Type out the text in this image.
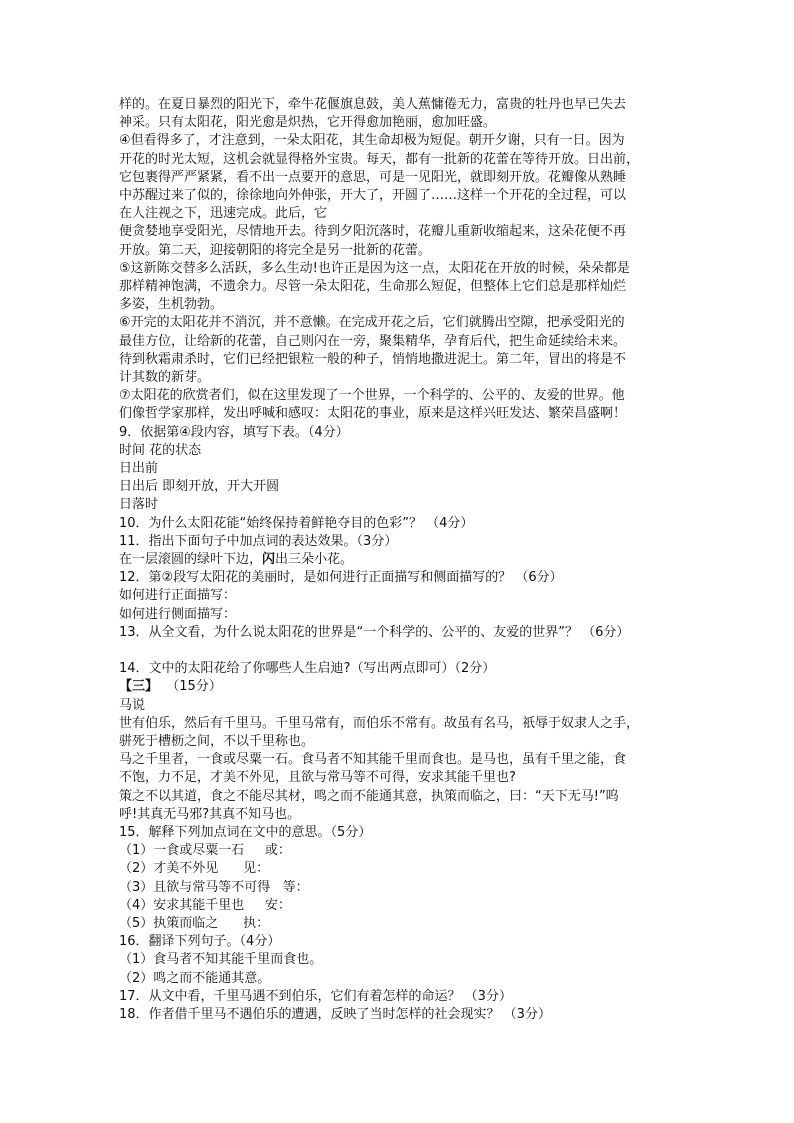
样的。在夏日暴烈的阳光下，牵牛花偃旗息鼓，美人蕉慵倦无力，富贵的牡丹也早已失去
神采。只有太阳花，阳光愈是炽热，它开得愈加艳丽，愈加旺盛。
④但看得多了，才注意到，一朵太阳花，其生命却极为短促。朝开夕谢，只有一日。因为
开花的时光太短，这机会就显得格外宝贵。每天，都有一批新的花蕾在等待开放。日出前，
它包裹得严严紧紧，看不出一点要开的意思，可是一见阳光，就即刻开放。花瓣像从熟睡
中苏醒过来了似的，徐徐地向外伸张，开大了，开圆了……这样一个开花的全过程，可以
在人注视之下，迅速完成。此后，它
便贪婪地享受阳光，尽情地开去。待到夕阳沉落时，花瓣儿重新收缩起来，这朵花便不再
开放。第二天，迎接朝阳的将完全是另一批新的花蕾。
⑤这新陈交替多么活跃，多么生动!也许正是因为这一点，太阳花在开放的时候，朵朵都是
那样精神饱满，不遗余力。尽管一朵太阳花，生命那么短促，但整体上它们总是那样灿烂
多姿，生机勃勃。
⑥开完的太阳花并不消沉，并不意懒。在完成开花之后，它们就腾出空隙，把承受阳光的
最佳方位，让给新的花蕾，自己则闪在一旁，聚集精华，孕育后代，把生命延续给未来。
待到秋霜肃杀时，它们已经把银粒一般的种子，悄悄地撒进泥土。第二年，冒出的将是不
计其数的新芽。
⑦太阳花的欣赏者们，似在这里发现了一个世界，一个科学的、公平的、友爱的世界。他
们像哲学家那样，发出呼喊和感叹：太阳花的事业，原来是这样兴旺发达、繁荣昌盛啊！
9．依据第④段内容，填写下表。（4分）
时间 花的状态
日出前
日出后 即刻开放，开大开圆
日落时
10．为什么太阳花能“始终保持着鲜艳夺目的色彩”？ （4分）
11．指出下面句子中加点词的表达效果。（3分）
在一层滚圆的绿叶下边，闪出三朵小花。
12．第②段写太阳花的美丽时，是如何进行正面描写和侧面描写的？ （6分）
如何进行正面描写：
如何进行侧面描写：
13．从全文看，为什么说太阳花的世界是“一个科学的、公平的、友爱的世界”？ （6分）
14．文中的太阳花给了你哪些人生启迪?（写出两点即可）（2分）
【三】  （15分）
马说
世有伯乐，然后有千里马。千里马常有，而伯乐不常有。故虽有名马，祇辱于奴隶人之手，
骈死于槽枥之间，不以千里称也。
马之千里者，一食或尽粟一石。食马者不知其能千里而食也。是马也，虽有千里之能，食
不饱，力不足，才美不外见，且欲与常马等不可得，安求其能千里也?
策之不以其道，食之不能尽其材，鸣之而不能通其意，执策而临之，曰：“天下无马!”呜
呼!其真无马邪?其真不知马也。
15．解释下列加点词在文中的意思。（5分）
（1）一食或尽粟一石     或：
（2）才美不外见      见：
（3）且欲与常马等不可得   等：
（4）安求其能千里也     安：
（5）执策而临之      执：
16．翻译下列句子。（4分）
（1）食马者不知其能千里而食也。
（2）鸣之而不能通其意。
17．从文中看，千里马遇不到伯乐，它们有着怎样的命运？ （3分）
18．作者借千里马不遇伯乐的遭遇，反映了当时怎样的社会现实？ （3分）
